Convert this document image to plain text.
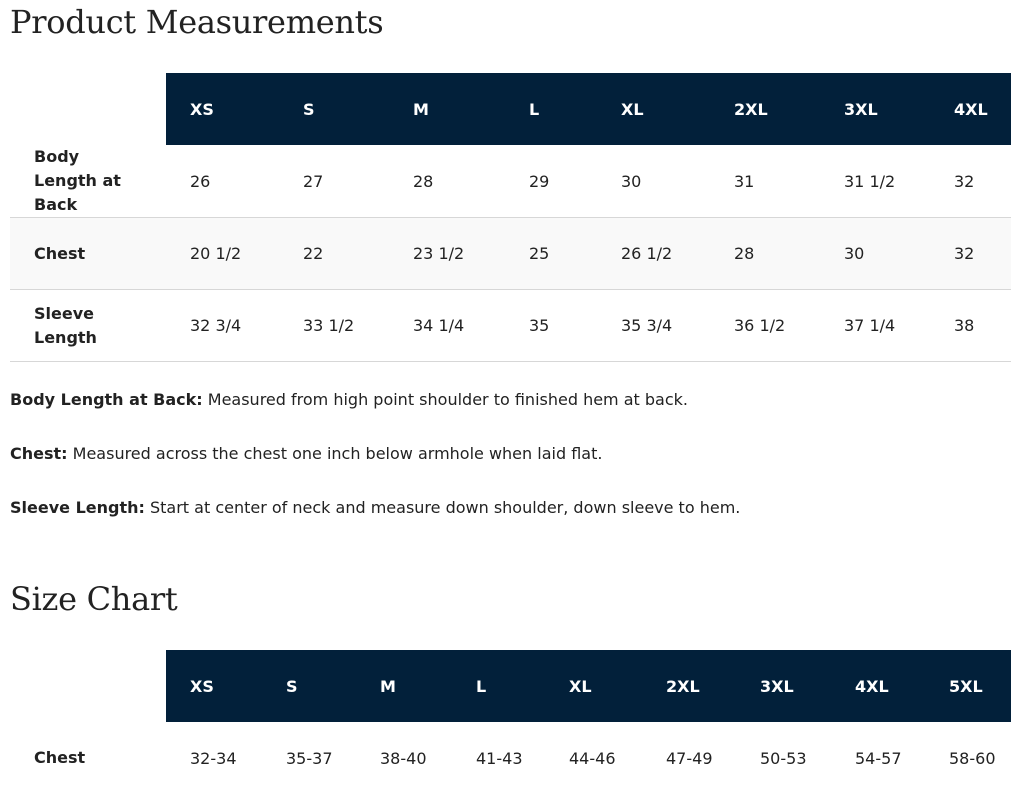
Product Measurements
	XS	S	M	L	XL	2XL	3XL	4XL
Body Length at Back	26	27	28	29	30	31	31 1/2	32
Chest	20 1/2	22	23 1/2	25	26 1/2	28	30	32
Sleeve Length	32 3/4	33 1/2	34 1/4	35	35 3/4	36 1/2	37 1/4	38

Body Length at Back: Measured from high point shoulder to finished hem at back.

Chest: Measured across the chest one inch below armhole when laid flat.

Sleeve Length: Start at center of neck and measure down shoulder, down sleeve to hem.

Size Chart
	XS	S	M	L	XL	2XL	3XL	4XL	5XL
Chest	32-34	35-37	38-40	41-43	44-46	47-49	50-53	54-57	58-60
